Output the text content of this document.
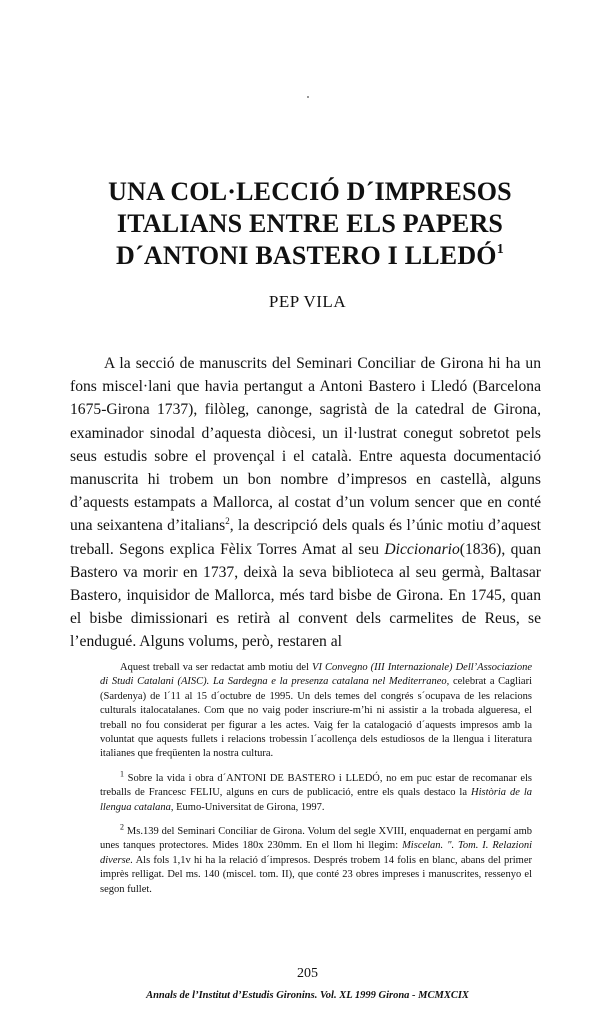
UNA COL·LECCIÓ D´IMPRESOS
ITALIANS ENTRE ELS PAPERS
D´ANTONI BASTERO I LLEDÓ$^1$
PEP VILA

A la secció de manuscrits del Seminari Conciliar de Girona hi ha un fons miscel·lani que havia pertangut a Antoni Bastero i Lledó (Barcelona 1675-Girona 1737), filòleg, canonge, sagristà de la catedral de Girona, examinador sinodal d’aquesta diòcesi, un il·lustrat conegut sobretot pels seus estudis sobre el provençal i el català. Entre aquesta documentació manuscrita hi trobem un bon nombre d’impresos en castellà, alguns d’aquests estampats a Mallorca, al costat d’un volum sencer que en conté una seixantena d’italians$^2$, la descripció dels quals és l’únic motiu d’aquest treball. Segons explica Fèlix Torres Amat al seu Diccionario(1836), quan Bastero va morir en 1737, deixà la seva biblioteca al seu germà, Baltasar Bastero, inquisidor de Mallorca, més tard bisbe de Girona. En 1745, quan el bisbe dimissionari es retirà al convent dels carmelites de Reus, se l’endugué. Alguns volums, però, restaren al

Aquest treball va ser redactat amb motiu del VI Convegno (III Internazionale) Dell’Associazione di Studi Catalani (AISC). La Sardegna e la presenza catalana nel Mediterraneo, celebrat a Cagliari (Sardenya) de l´11 al 15 d´octubre de 1995. Un dels temes del congrés s´ocupava de les relacions culturals italocatalanes. Com que no vaig poder inscriure-m’hi ni assistir a la trobada algueresa, el treball no fou considerat per figurar a les actes. Vaig fer la catalogació d´aquests impresos amb la voluntat que aquests fullets i relacions trobessin l´acollença dels estudiosos de la llengua i literatura italianes que freqüenten la nostra cultura.

$^1$ Sobre la vida i obra d´ANTONI DE BASTERO i LLEDÓ, no em puc estar de recomanar els treballs de Francesc FELIU, alguns en curs de publicació, entre els quals destaco la Història de la llengua catalana, Eumo-Universitat de Girona, 1997.

$^2$ Ms.139 del Seminari Conciliar de Girona. Volum del segle XVIII, enquadernat en pergamí amb unes tanques protectores. Mides 180x 230mm. En el llom hi llegim: Miscelan. ". Tom. I. Relazioni diverse. Als fols 1,1v hi ha la relació d´impresos. Després trobem 14 folis en blanc, abans del primer imprès relligat. Del ms. 140 (miscel. tom. II), que conté 23 obres impreses i manuscrites, ressenyo el segon fullet.

205
Annals de l’Institut d’Estudis Gironins. Vol. XL 1999 Girona - MCMXCIX
